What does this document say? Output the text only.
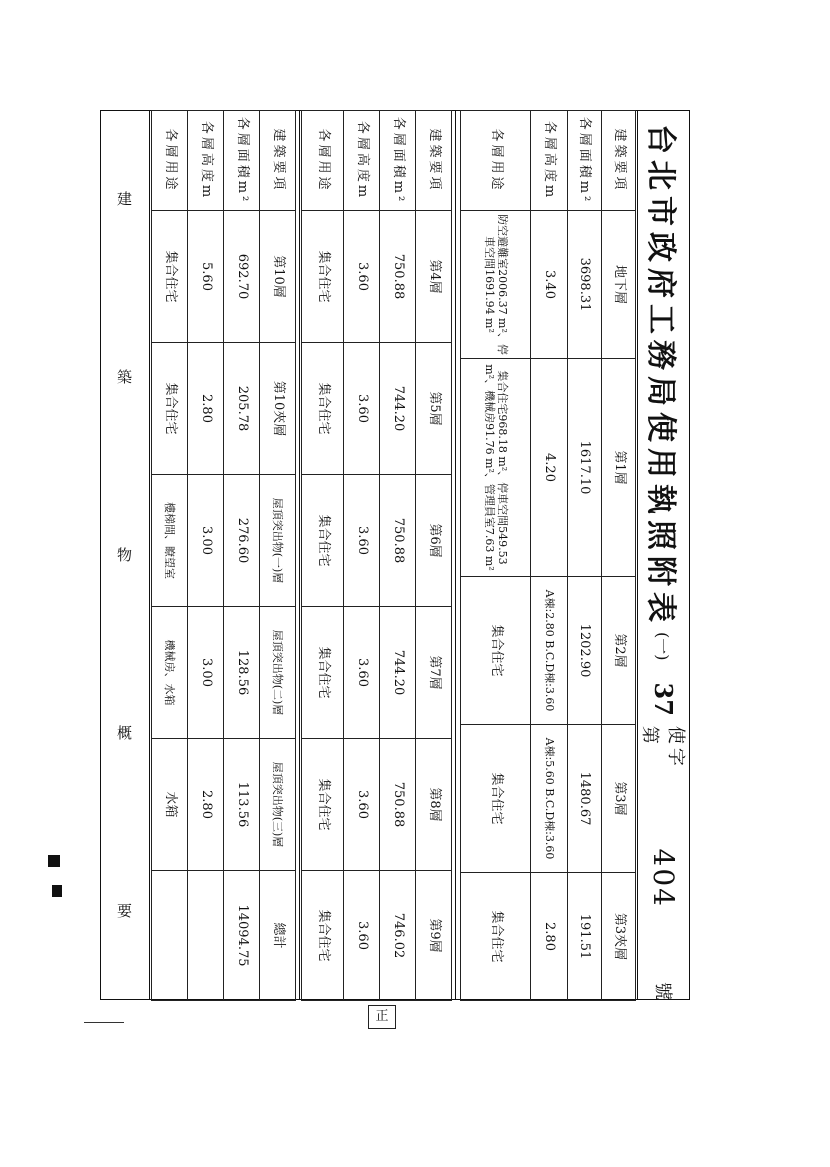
台北市政府工務局使用執照附表
(一)
37
使字第
404
號
建築要項	地下層	第1層	第2層	第3層	第3夾層
各層面積m²	3698.31	1617.10	1202.90	1480.67	191.51
各層高度m	3.40	4.20	A棟:2.80 B.C.D棟:3.60	A棟:5.60 B.C.D棟:3.60	2.80
各層用途	防空避難室2006.37 m²、停車空間1691.94 m²	集合住宅968.18 m²、停車空間549.53 m²、機械房91.76 m²、管理員室7.63 m²	集合住宅	集合住宅	集合住宅
建築要項	第4層	第5層	第6層	第7層	第8層	第9層
各層面積m²	750.88	744.20	750.88	744.20	750.88	746.02
各層高度m	3.60	3.60	3.60	3.60	3.60	3.60
各層用途	集合住宅	集合住宅	集合住宅	集合住宅	集合住宅	集合住宅
建築要項	第10層	第10夾層	屋頂突出物(一)層	屋頂突出物(二)層	屋頂突出物(三)層	總計
各層面積m²	692.70	205.78	276.60	128.56	113.56	14094.75
各層高度m	5.60	2.80	3.00	3.00	2.80	
各層用途	集合住宅	集合住宅	樓梯間、瞭望室	機械房、水箱	水箱	
建
築
物
概
要
正
